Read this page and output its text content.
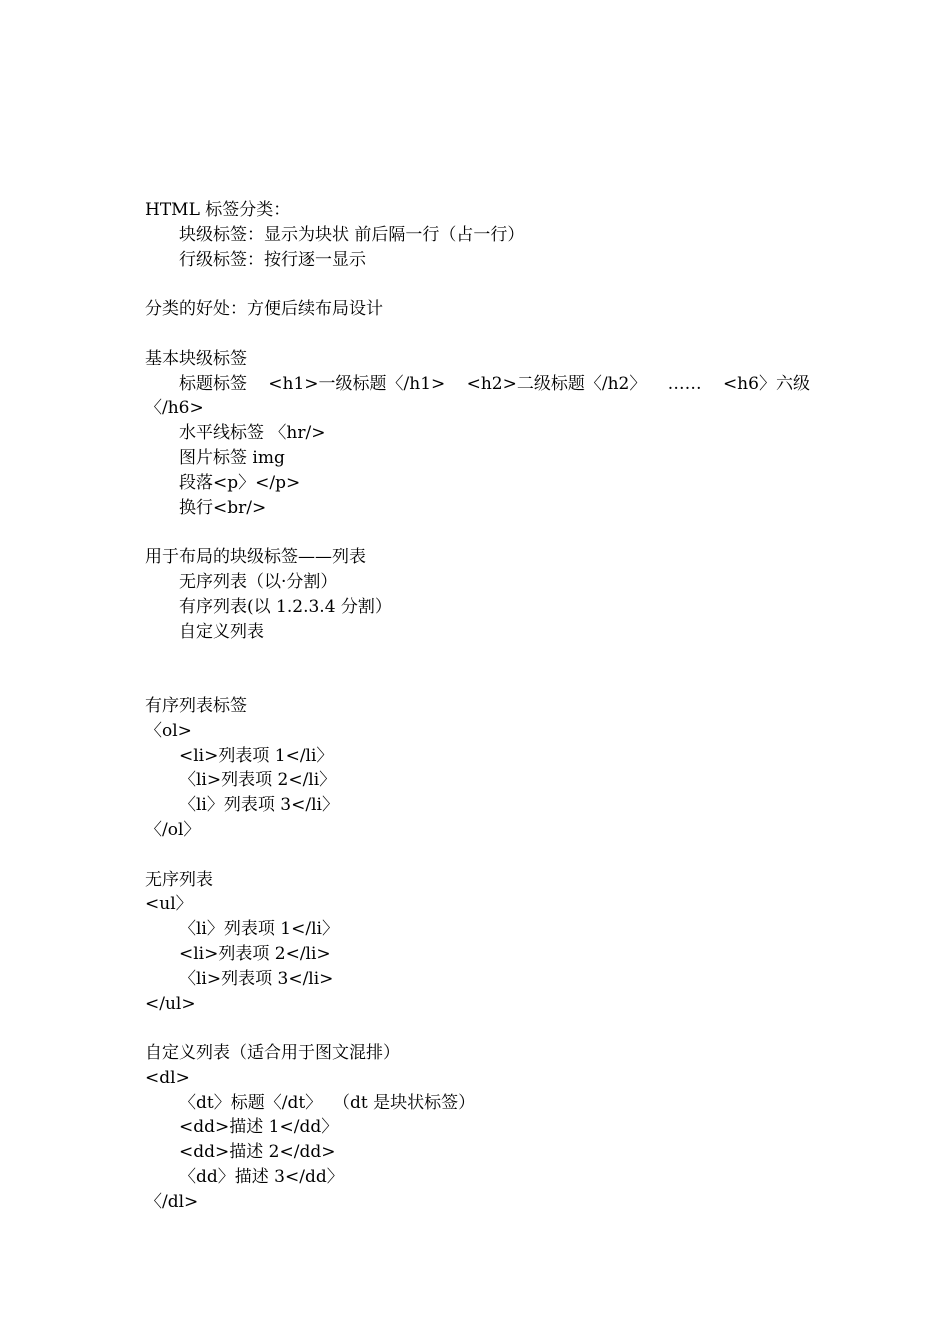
HTML 标签分类：
块级标签：显示为块状 前后隔一行（占一行）
行级标签：按行逐一显示
分类的好处：方便后续布局设计
基本块级标签
标题标签 <h1>一级标题〈/h1> <h2>二级标题〈/h2〉 …… <h6〉六级
〈/h6>
水平线标签 〈hr/>
图片标签 img
段落<p〉</p>
换行<br/>
用于布局的块级标签——列表
无序列表（以·分割）
有序列表(以 1.2.3.4 分割）
自定义列表
有序列表标签
〈ol>
<li>列表项 1</li〉
〈li>列表项 2</li〉
〈li〉列表项 3</li〉
〈/ol〉
无序列表
<ul〉
〈li〉列表项 1</li〉
<li>列表项 2</li>
〈li>列表项 3</li>
</ul>
自定义列表（适合用于图文混排）
<dl>
〈dt〉标题〈/dt〉  （dt 是块状标签）
<dd>描述 1</dd〉
<dd>描述 2</dd>
〈dd〉描述 3</dd〉
〈/dl>
